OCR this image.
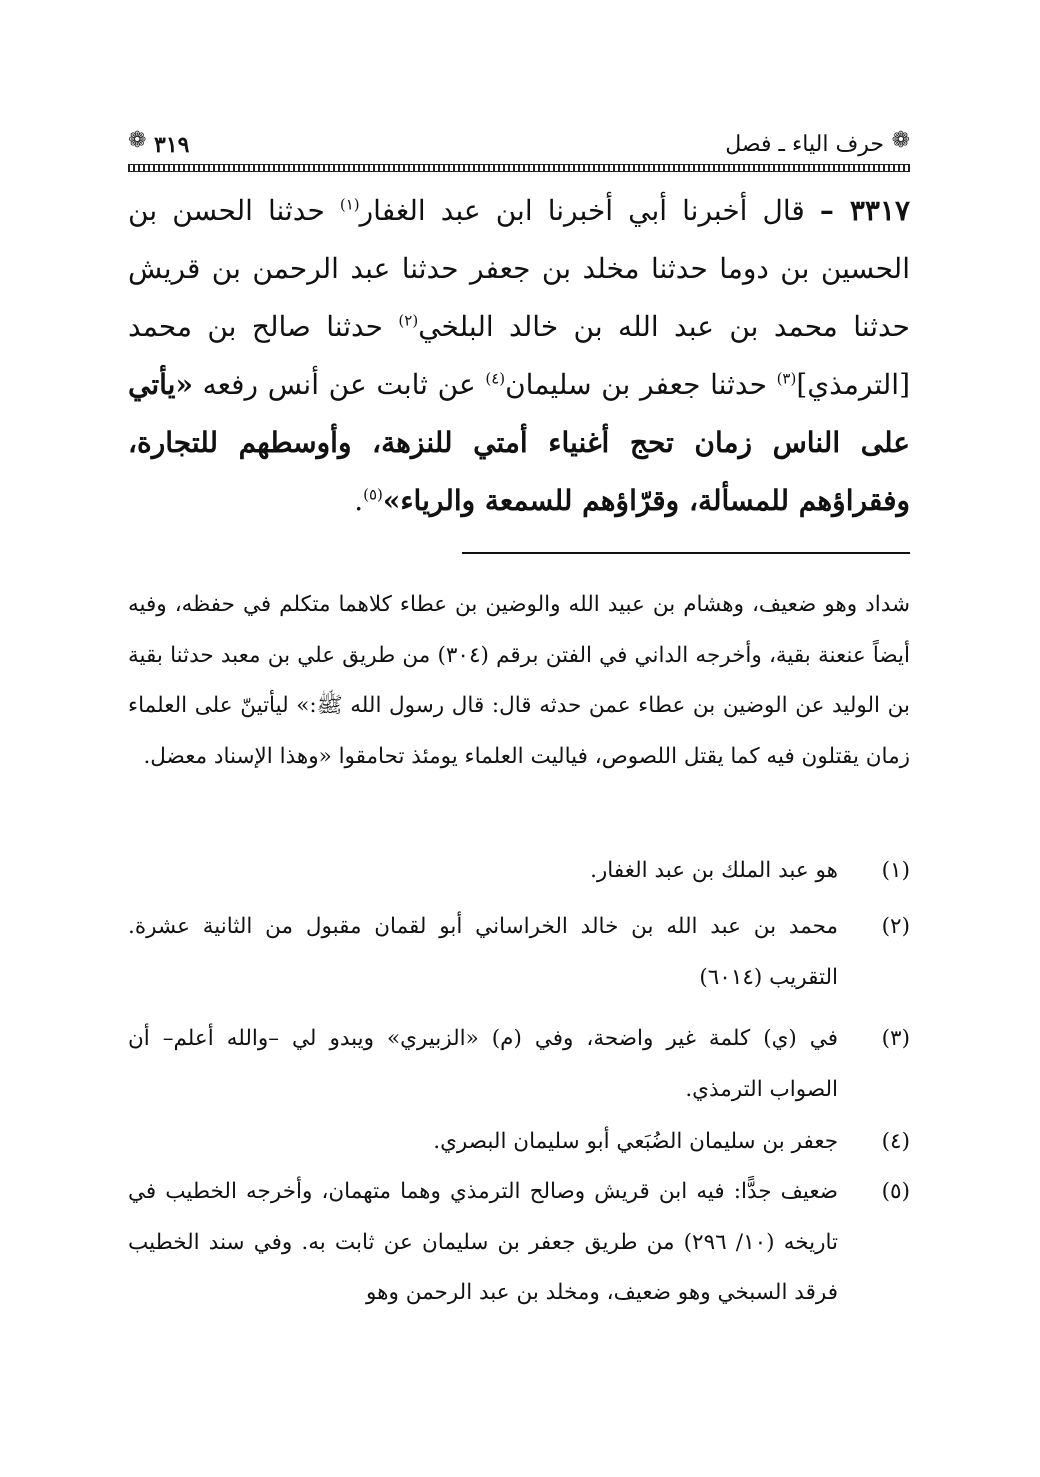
❁
حرف الياء ـ فصل
٣١٩
❁
٣٣١٧ – قال أخبرنا أبي أخبرنا ابن عبد الغفار$^{(١)}$ حدثنا الحسن بن الحسين بن دوما حدثنا مخلد بن جعفر حدثنا عبد الرحمن بن قريش حدثنا محمد بن عبد الله بن خالد البلخي$^{(٢)}$ حدثنا صالح بن محمد [الترمذي]$^{(٣)}$ حدثنا جعفر بن سليمان$^{(٤)}$ عن ثابت عن أنس رفعه «يأتي على الناس زمان تحج أغنياء أمتي للنزهة، وأوسطهم للتجارة، وفقراؤهم للمسألة، وقرّاؤهم للسمعة والرياء»$^{(٥)}$.
شداد وهو ضعيف، وهشام بن عبيد الله والوضين بن عطاء كلاهما متكلم في حفظه، وفيه أيضاً عنعنة بقية، وأخرجه الداني في الفتن برقم (٣٠٤) من طريق علي بن معبد حدثنا بقية بن الوليد عن الوضين بن عطاء عمن حدثه قال: قال رسول الله ﷺ:» ليأتينّ على العلماء زمان يقتلون فيه كما يقتل اللصوص، فياليت العلماء يومئذ تحامقوا «وهذا الإسناد معضل.
(١)
هو عبد الملك بن عبد الغفار.
(٢)
محمد بن عبد الله بن خالد الخراساني أبو لقمان مقبول من الثانية عشرة. التقريب (٦٠١٤)
(٣)
في (ي) كلمة غير واضحة، وفي (م) «الزبيري» ويبدو لي –والله أعلم– أن الصواب الترمذي.
(٤)
جعفر بن سليمان الضُبَعي أبو سليمان البصري.
(٥)
ضعيف جدًّا: فيه ابن قريش وصالح الترمذي وهما متهمان، وأخرجه الخطيب في تاريخه (١٠/ ٢٩٦) من طريق جعفر بن سليمان عن ثابت به. وفي سند الخطيب فرقد السبخي وهو ضعيف، ومخلد بن عبد الرحمن وهو
